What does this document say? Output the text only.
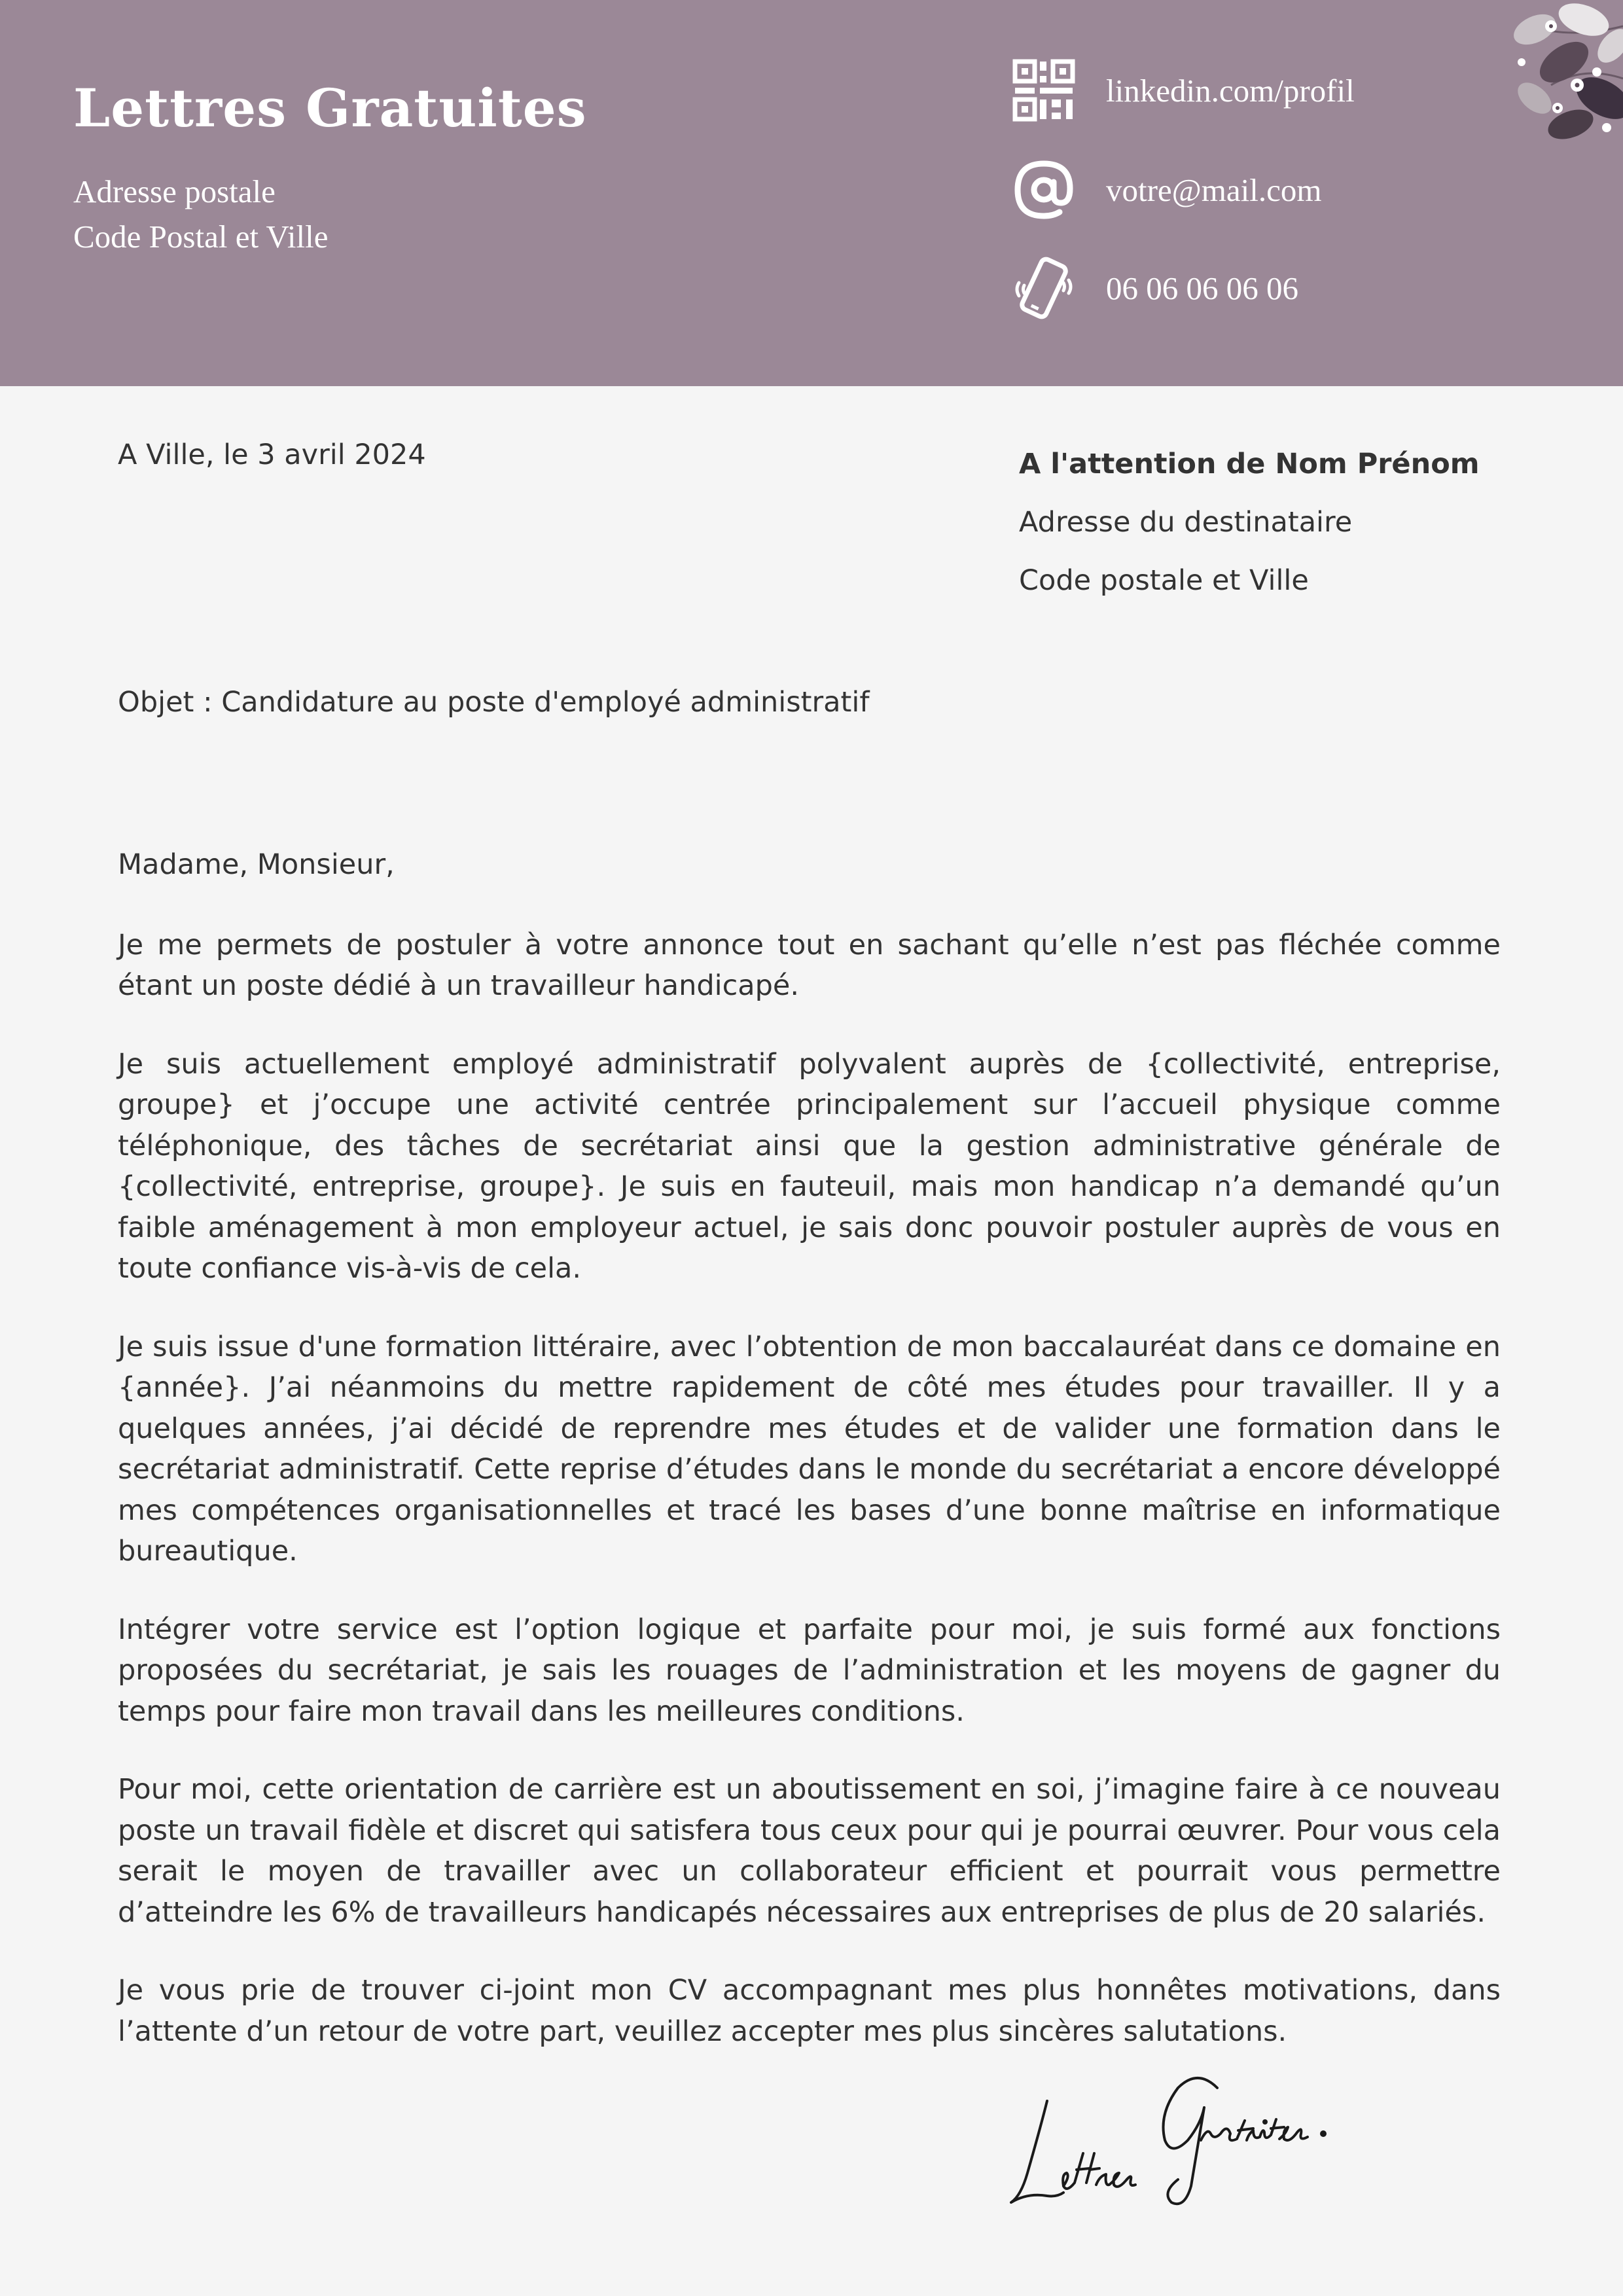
Lettres Gratuites
Adresse postale
Code Postal et Ville
linkedin.com/profil
votre@mail.com
06 06 06 06 06
A Ville, le 3 avril 2024	A l'attention de Nom Prénom
Adresse du destinataire
Code postale et Ville
Objet : Candidature au poste d'employé administratif

Madame, Monsieur,

Je me permets de postuler à votre annonce tout en sachant qu’elle n’est pas fléchée comme étant un poste dédié à un travailleur handicapé.

Je suis actuellement employé administratif polyvalent auprès de {collectivité, entreprise, groupe} et j’occupe une activité centrée principalement sur l’accueil physique comme téléphonique, des tâches de secrétariat ainsi que la gestion administrative générale de {collectivité, entreprise, groupe}. Je suis en fauteuil, mais mon handicap n’a demandé qu’un faible aménagement à mon employeur actuel, je sais donc pouvoir postuler auprès de vous en toute confiance vis-à-vis de cela.

Je suis issue d'une formation littéraire, avec l’obtention de mon baccalauréat dans ce domaine en {année}. J’ai néanmoins du mettre rapidement de côté mes études pour travailler. Il y a quelques années, j’ai décidé de reprendre mes études et de valider une formation dans le secrétariat administratif. Cette reprise d’études dans le monde du secrétariat a encore développé mes compétences organisationnelles et tracé les bases d’une bonne maîtrise en informatique bureautique.

Intégrer votre service est l’option logique et parfaite pour moi, je suis formé aux fonctions proposées du secrétariat, je sais les rouages de l’administration et les moyens de gagner du temps pour faire mon travail dans les meilleures conditions.

Pour moi, cette orientation de carrière est un aboutissement en soi, j’imagine faire à ce nouveau poste un travail fidèle et discret qui satisfera tous ceux pour qui je pourrai œuvrer. Pour vous cela serait le moyen de travailler avec un collaborateur efficient et pourrait vous permettre d’atteindre les 6% de travailleurs handicapés nécessaires aux entreprises de plus de 20 salariés.

Je vous prie de trouver ci-joint mon CV accompagnant mes plus honnêtes motivations, dans l’attente d’un retour de votre part, veuillez accepter mes plus sincères salutations.
